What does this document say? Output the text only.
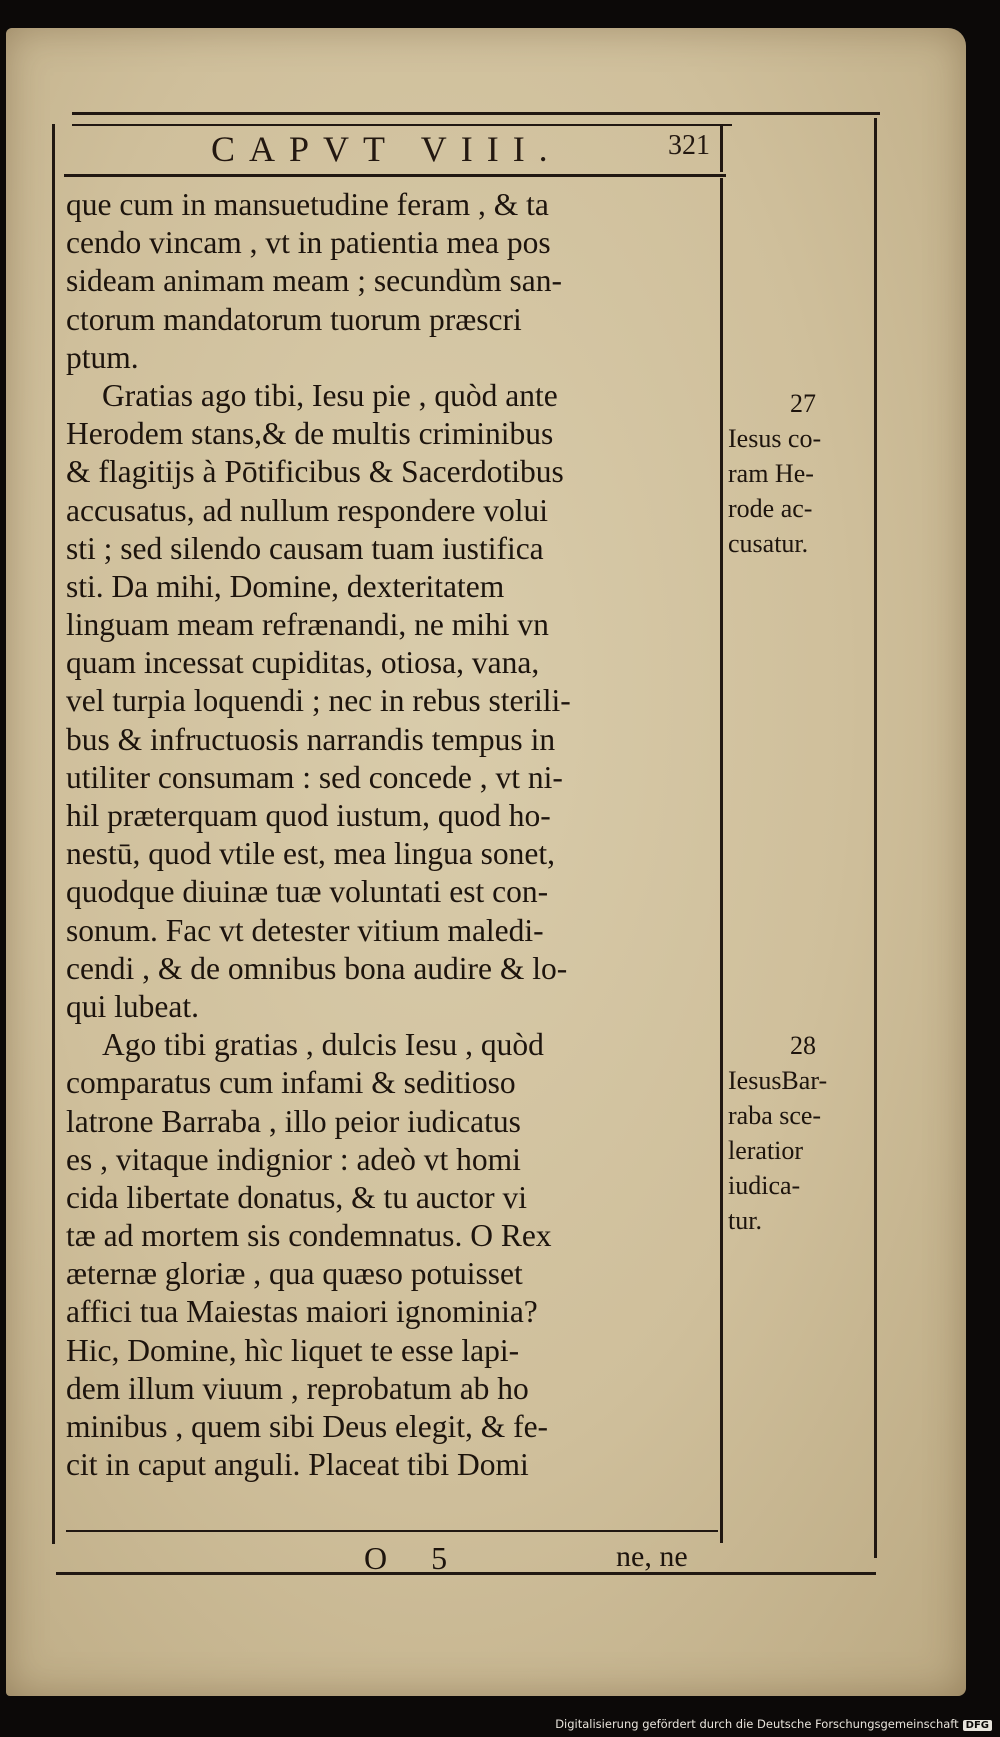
CAPVT VIII.	321
que cum in mansuetudine feram , & ta
cendo vincam , vt in patientia mea pos
sideam animam meam ; secundùm san-
ctorum mandatorum tuorum præscri
ptum.
Gratias ago tibi, Iesu pie , quòd ante
Herodem stans,& de multis criminibus
& flagitijs à Pōtificibus & Sacerdotibus
accusatus, ad nullum respondere volui
sti ; sed silendo causam tuam iustifica
sti. Da mihi, Domine, dexteritatem
linguam meam refrænandi, ne mihi vn
quam incessat cupiditas, otiosa, vana,
vel turpia loquendi ; nec in rebus sterili-
bus & infructuosis narrandis tempus in
utiliter consumam : sed concede , vt ni-
hil præterquam quod iustum, quod ho-
nestū, quod vtile est, mea lingua sonet,
quodque diuinæ tuæ voluntati est con-
sonum. Fac vt detester vitium maledi-
cendi , & de omnibus bona audire & lo-
qui lubeat.
Ago tibi gratias , dulcis Iesu , quòd
comparatus cum infami & seditioso
latrone Barraba , illo peior iudicatus
es , vitaque indignior : adeò vt homi
cida libertate donatus, & tu auctor vi
tæ ad mortem sis condemnatus. O Rex
æternæ gloriæ , qua quæso potuisset
affici tua Maiestas maiori ignominia?
Hic, Domine, hìc liquet te esse lapi-
dem illum viuum , reprobatum ab ho
minibus , quem sibi Deus elegit, & fe-
cit in caput anguli. Placeat tibi Domi
27
Iesus co-
ram He-
rode ac-
cusatur.
28
IesusBar-
raba sce-
leratior
iudica-
tur.
O 5	ne, ne
Digitalisierung gefördert durch die Deutsche Forschungsgemeinschaft DFG
